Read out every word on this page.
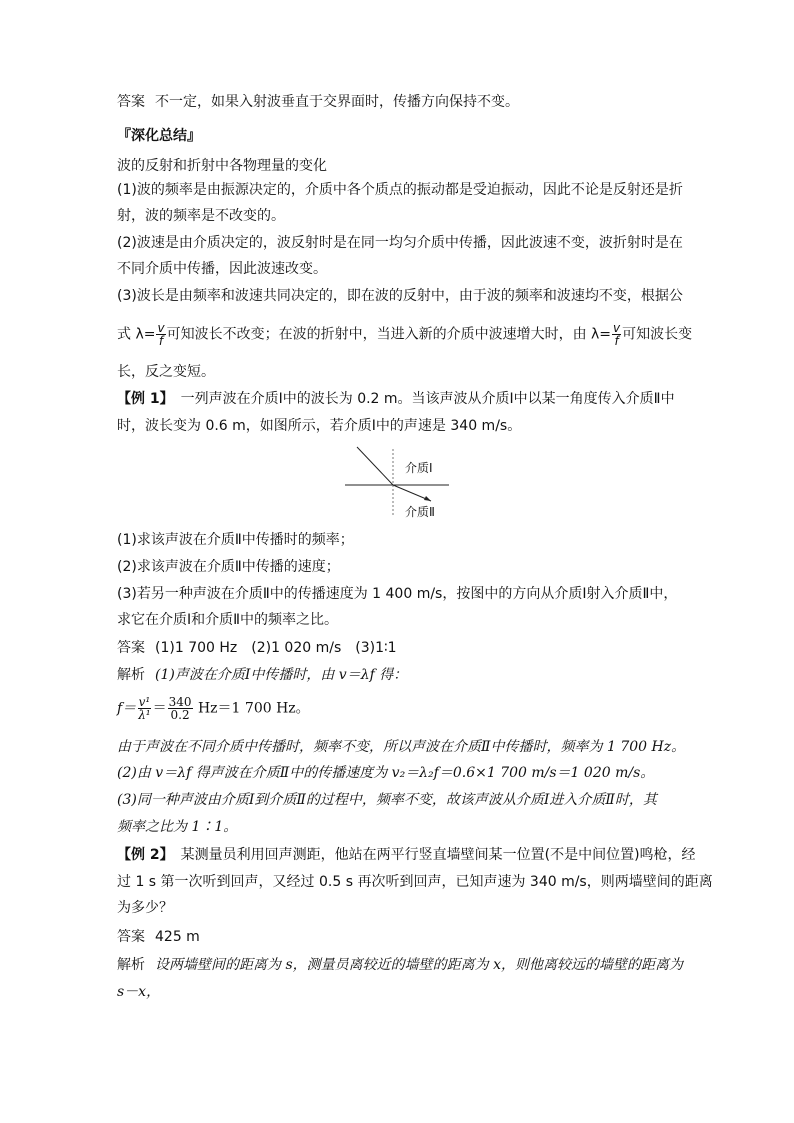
答案 不一定，如果入射波垂直于交界面时，传播方向保持不变。
『深化总结』
波的反射和折射中各物理量的变化
(1)波的频率是由振源决定的，介质中各个质点的振动都是受迫振动，因此不论是反射还是折
射，波的频率是不改变的。
(2)波速是由介质决定的，波反射时是在同一均匀介质中传播，因此波速不变，波折射时是在
不同介质中传播，因此波速改变。
(3)波长是由频率和波速共同决定的，即在波的反射中，由于波的频率和波速均不变，根据公
式 $\lambda= \frac{v}{f}$ 可知波长不改变；在波的折射中，当进入新的介质中波速增大时，由 $\lambda= \frac{v}{f}$ 可知波长变
长，反之变短。
【例 1】　 一列声波在介质Ⅰ中的波长为 0.2 m。当该声波从介质Ⅰ中以某一角度传入介质Ⅱ中
时，波长变为 0.6 m，如图所示，若介质Ⅰ中的声速是 340 m/s。
(1)求该声波在介质Ⅱ中传播时的频率；
(2)求该声波在介质Ⅱ中传播的速度；
(3)若另一种声波在介质Ⅱ中的传播速度为 1 400 m/s，按图中的方向从介质Ⅰ射入介质Ⅱ中，
求它在介质Ⅰ和介质Ⅱ中的频率之比。
答案 (1)1 700 Hz　(2)1 020 m/s　(3)1∶1
解析 (1)声波在介质Ⅰ中传播时，由 v＝λf 得：
$f= \frac{\text{v¹}}{\text{λ¹}} = \frac{340}{0.2} Hz=1$ 700 Hz。
由于声波在不同介质中传播时，频率不变，所以声波在介质Ⅱ中传播时，频率为 1 700 Hz。
(2)由 v＝λf 得声波在介质Ⅱ中的传播速度为 v₂＝λ₂f＝0.6×1 700 m/s＝1 020 m/s。
(3)同一种声波由介质Ⅰ到介质Ⅱ的过程中，频率不变，故该声波从介质Ⅰ进入介质Ⅱ时，其
频率之比为 1∶1。
【例 2】　 某测量员利用回声测距，他站在两平行竖直墙壁间某一位置(不是中间位置)鸣枪，经
过 1 s 第一次听到回声，又经过 0.5 s 再次听到回声，已知声速为 340 m/s，则两墙壁间的距离
为多少？
答案 425 m
解析 设两墙壁间的距离为 s，测量员离较近的墙壁的距离为 x，则他离较远的墙壁的距离为
s－x，
介质Ⅰ
介质Ⅱ
